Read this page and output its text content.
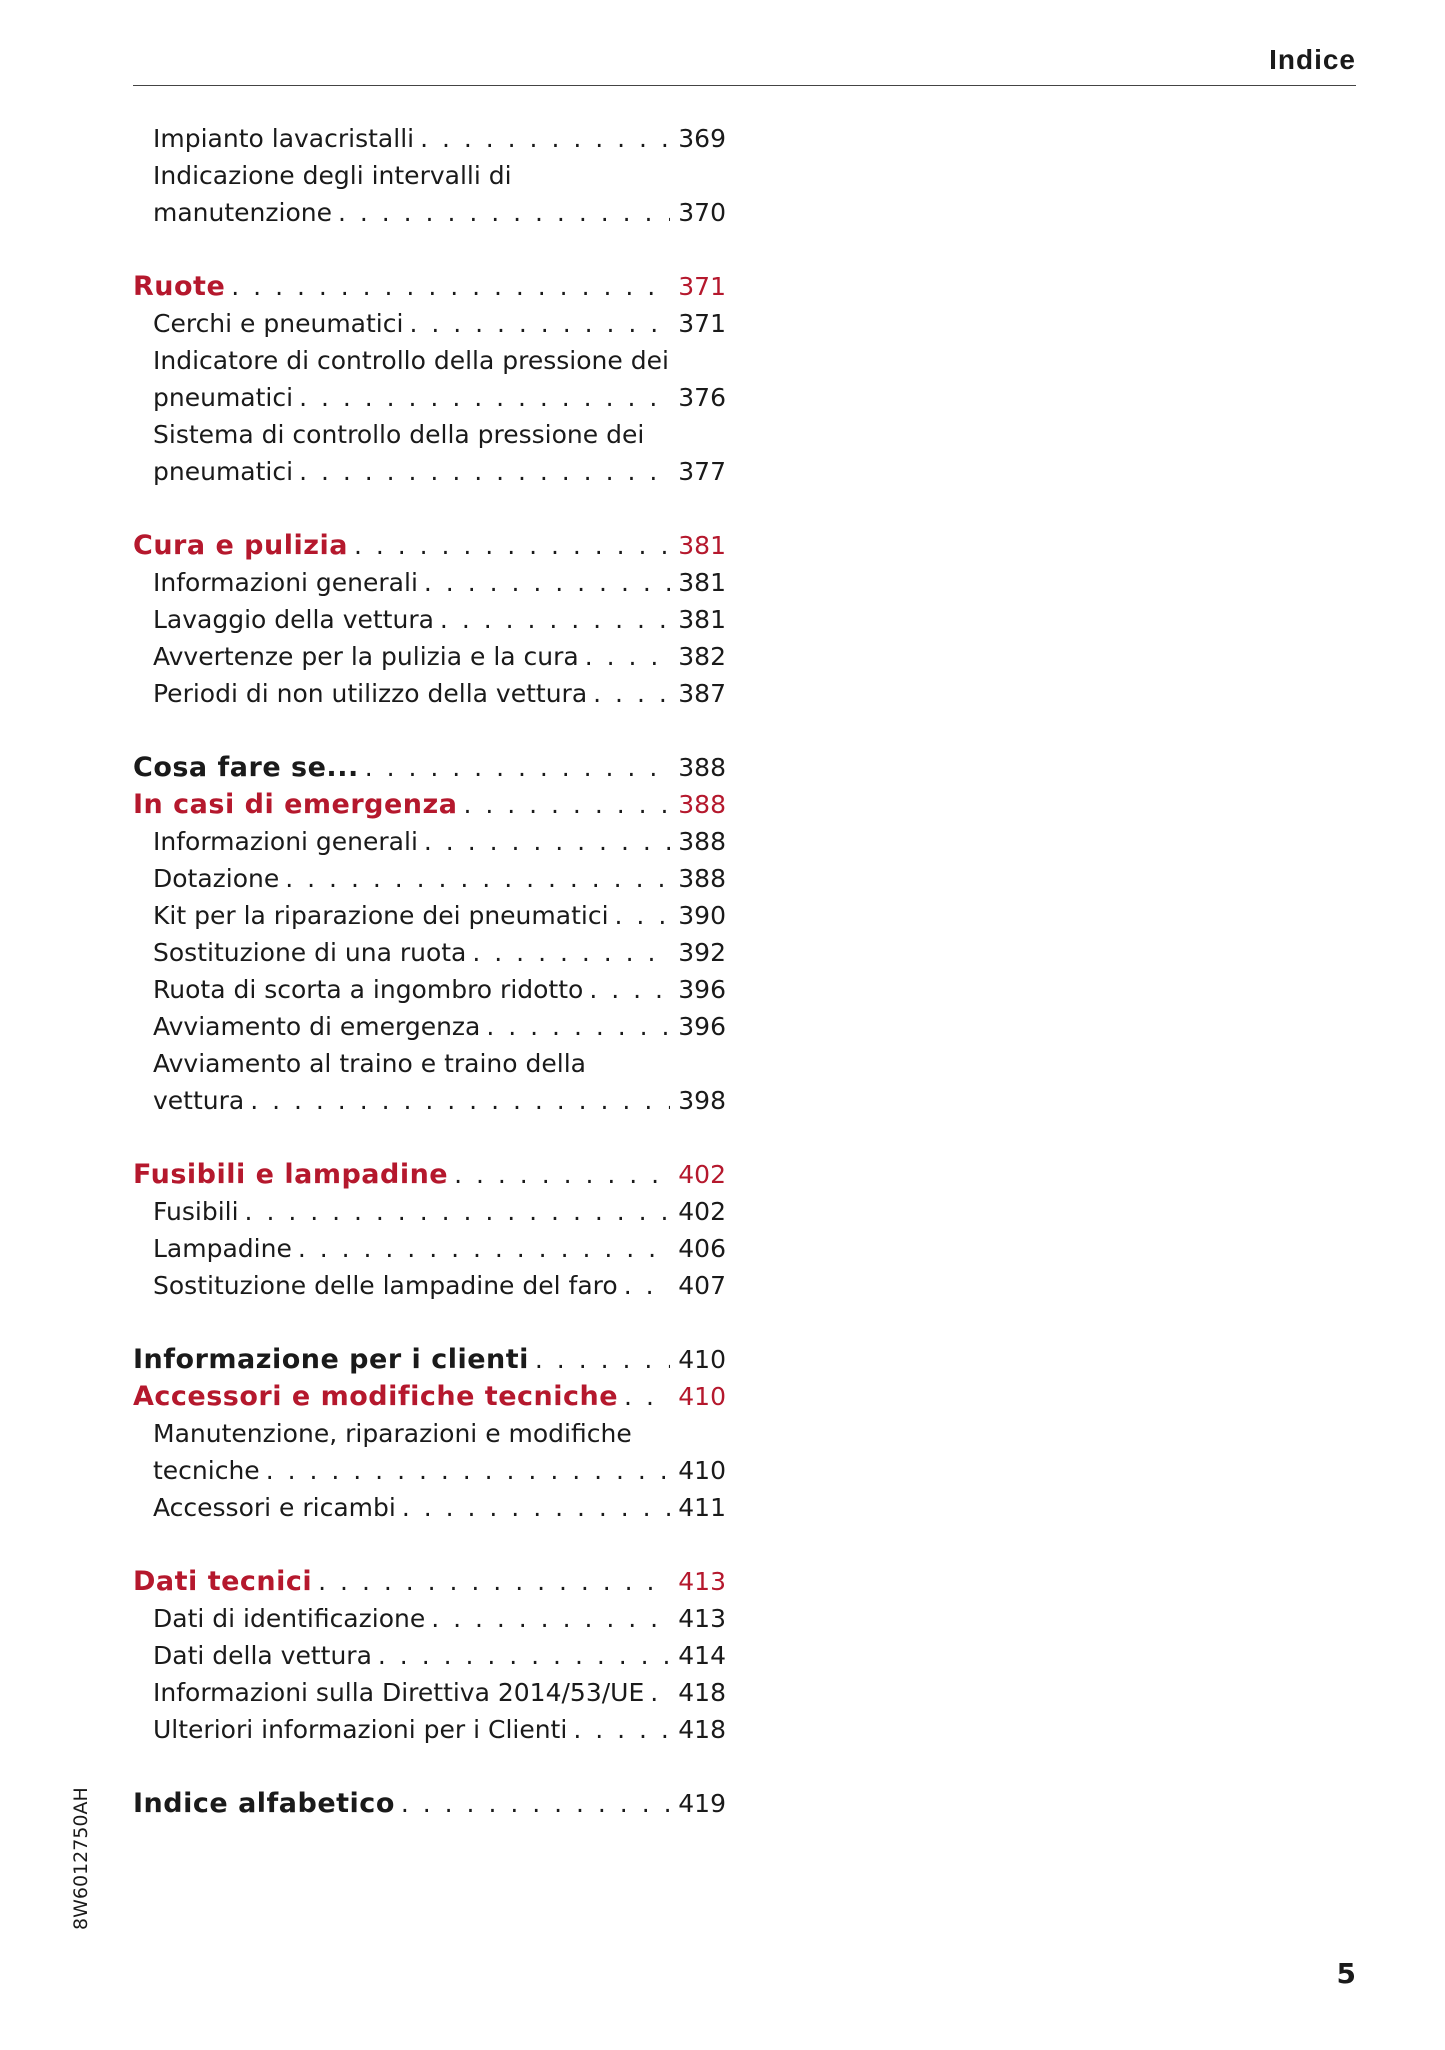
Indice
Impianto lavacristalli . . .	369
Indicazione degli intervalli di
manutenzione . . .	370
Ruote . . .	371
Cerchi e pneumatici . . .	371
Indicatore di controllo della pressione dei
pneumatici . . .	376
Sistema di controllo della pressione dei
pneumatici . . .	377
Cura e pulizia . . .	381
Informazioni generali . . .	381
Lavaggio della vettura . . .	381
Avvertenze per la pulizia e la cura . . .	382
Periodi di non utilizzo della vettura . . .	387
Cosa fare se... . . .	388
In casi di emergenza . . .	388
Informazioni generali . . .	388
Dotazione . . .	388
Kit per la riparazione dei pneumatici . . .	390
Sostituzione di una ruota . . .	392
Ruota di scorta a ingombro ridotto . . .	396
Avviamento di emergenza . . .	396
Avviamento al traino e traino della
vettura . . .	398
Fusibili e lampadine . . .	402
Fusibili . . .	402
Lampadine . . .	406
Sostituzione delle lampadine del faro . . . 407
Informazione per i clienti . . .	410
Accessori e modifiche tecniche . . . 410
Manutenzione, riparazioni e modifiche
tecniche . . .	410
Accessori e ricambi . . .	411
Dati tecnici . . .	413
Dati di identificazione . . .	413
Dati della vettura . . .	414
Informazioni sulla Direttiva 2014/53/UE . . . 418
Ulteriori informazioni per i Clienti . . .	418
Indice alfabetico . . .	419
8W6012750AH
5
